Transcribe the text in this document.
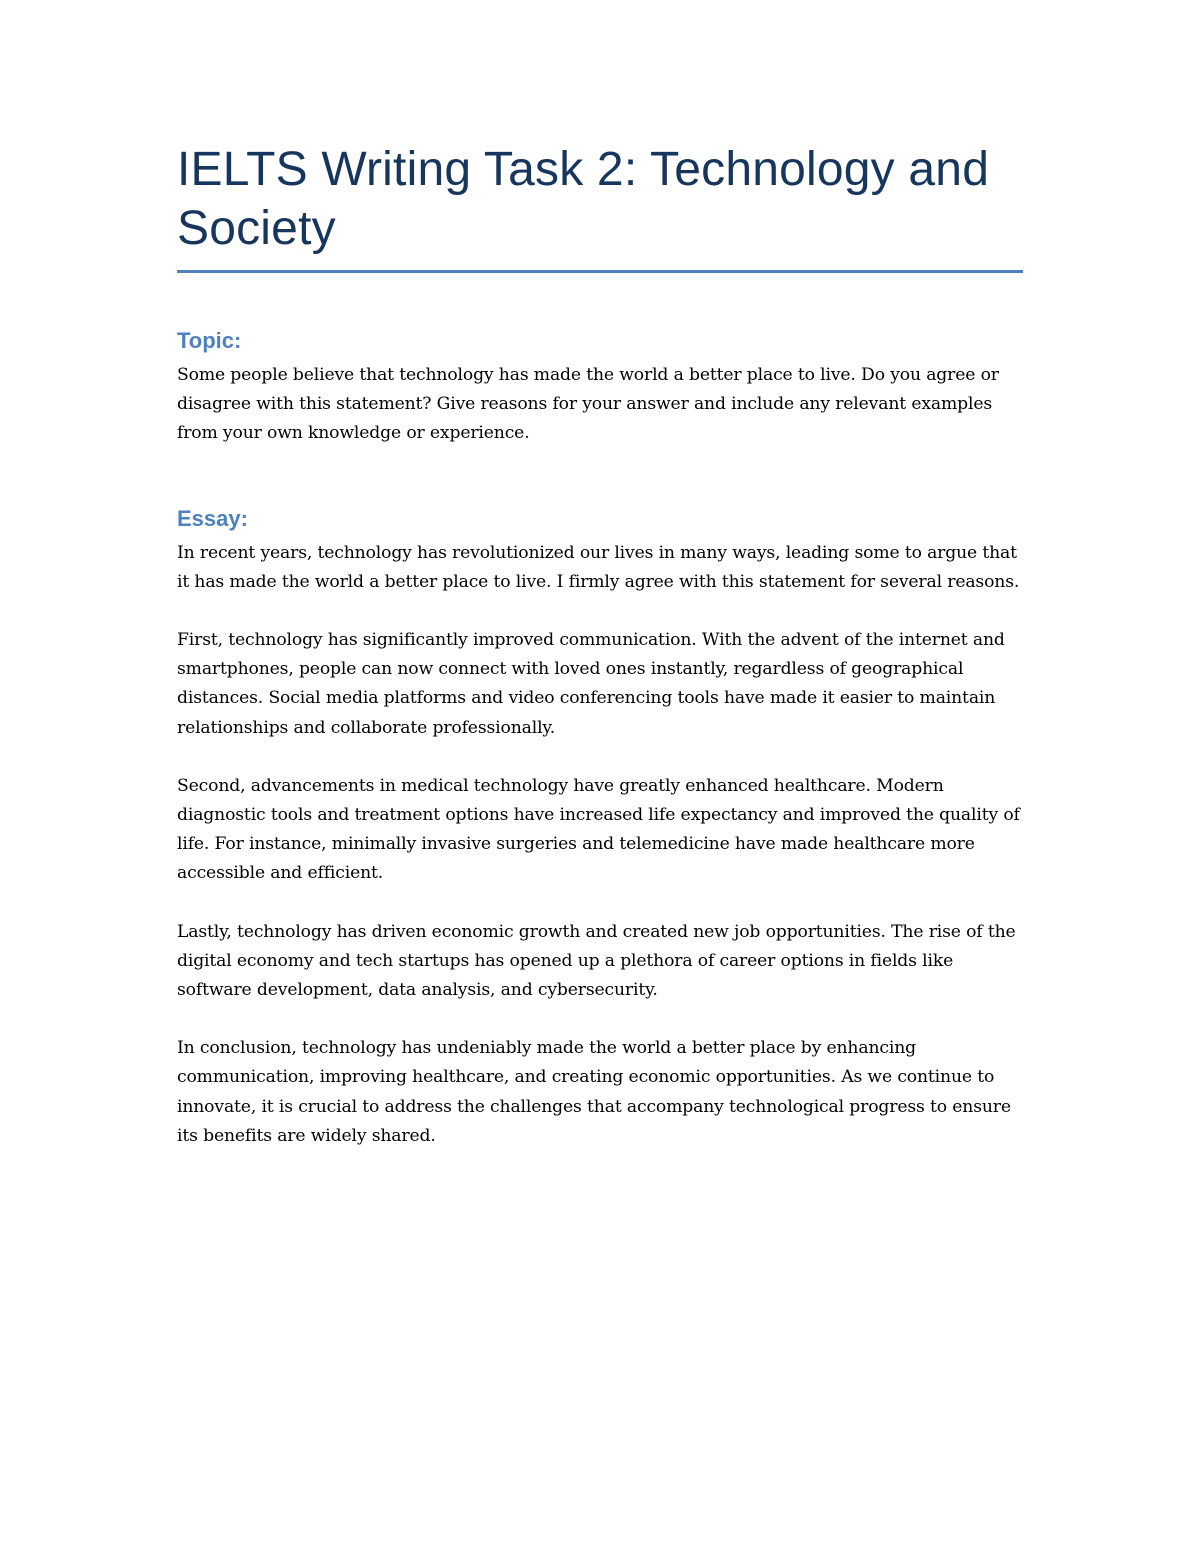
IELTS Writing Task 2: Technology and Society
Topic:

Some people believe that technology has made the world a better place to live. Do you agree or disagree with this statement? Give reasons for your answer and include any relevant examples from your own knowledge or experience.

Essay:

In recent years, technology has revolutionized our lives in many ways, leading some to argue that it has made the world a better place to live. I firmly agree with this statement for several reasons.

First, technology has significantly improved communication. With the advent of the internet and smartphones, people can now connect with loved ones instantly, regardless of geographical distances. Social media platforms and video conferencing tools have made it easier to maintain relationships and collaborate professionally.

Second, advancements in medical technology have greatly enhanced healthcare. Modern diagnostic tools and treatment options have increased life expectancy and improved the quality of life. For instance, minimally invasive surgeries and telemedicine have made healthcare more accessible and efficient.

Lastly, technology has driven economic growth and created new job opportunities. The rise of the digital economy and tech startups has opened up a plethora of career options in fields like software development, data analysis, and cybersecurity.

In conclusion, technology has undeniably made the world a better place by enhancing communication, improving healthcare, and creating economic opportunities. As we continue to innovate, it is crucial to address the challenges that accompany technological progress to ensure its benefits are widely shared.
